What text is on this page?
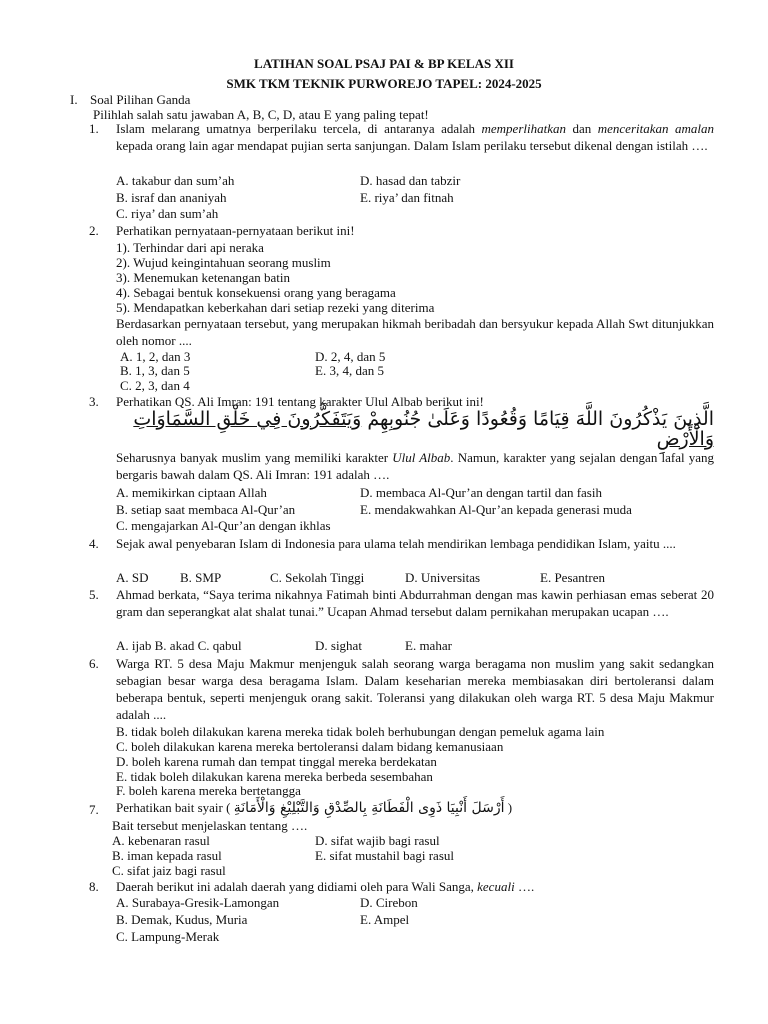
LATIHAN SOAL PSAJ PAI & BP KELAS XII
SMK TKM TEKNIK PURWOREJO TAPEL: 2024-2025
I. Soal Pilihan Ganda
Pilihlah salah satu jawaban A, B, C, D, atau E yang paling tepat!
1. Islam melarang umatnya berperilaku tercela, di antaranya adalah memperlihatkan dan menceritakan amalan kepada orang lain agar mendapat pujian serta sanjungan. Dalam Islam perilaku tersebut dikenal dengan istilah ….
A. takabur dan sum’ah	D. hasad dan tabzir
B. israf dan ananiyah	E. riya’ dan fitnah
C. riya’ dan sum’ah
2. Perhatikan pernyataan-pernyataan berikut ini!
1). Terhindar dari api neraka
2). Wujud keingintahuan seorang muslim
3). Menemukan ketenangan batin
4). Sebagai bentuk konsekuensi orang yang beragama
5). Mendapatkan keberkahan dari setiap rezeki yang diterima
Berdasarkan pernyataan tersebut, yang merupakan hikmah beribadah dan bersyukur kepada Allah Swt ditunjukkan oleh nomor ....
A. 1, 2, dan 3	D. 2, 4, dan 5
B. 1, 3, dan 5	E. 3, 4, dan 5
C. 2, 3, dan 4
3. Perhatikan QS. Ali Imran: 191 tentang karakter Ulul Albab berikut ini!
الَّذِينَ يَذْكُرُونَ اللَّهَ قِيَامًا وَقُعُودًا وَعَلَىٰ جُنُوبِهِمْ وَيَتَفَكَّرُونَ فِي خَلْقِ السَّمَاوَاتِ
وَالْأَرْضِ
Seharusnya banyak muslim yang memiliki karakter Ulul Albab. Namun, karakter yang sejalan dengan lafal yang bergaris bawah dalam QS. Ali Imran: 191 adalah ….
A. memikirkan ciptaan Allah	D. membaca Al-Qur’an dengan tartil dan fasih
B. setiap saat membaca Al-Qur’an	E. mendakwahkan Al-Qur’an kepada generasi muda
C. mengajarkan Al-Qur’an dengan ikhlas
4. Sejak awal penyebaran Islam di Indonesia para ulama telah mendirikan lembaga pendidikan Islam, yaitu ....
A. SD B. SMP	C. Sekolah Tinggi	D. Universitas	E. Pesantren
5. Ahmad berkata, “Saya terima nikahnya Fatimah binti Abdurrahman dengan mas kawin perhiasan emas seberat 20 gram dan seperangkat alat shalat tunai.” Ucapan Ahmad tersebut dalam pernikahan merupakan ucapan ….
A. ijab B. akad C. qabul	D. sighat	E. mahar
6. Warga RT. 5 desa Maju Makmur menjenguk salah seorang warga beragama non muslim yang sakit sedangkan sebagian besar warga desa beragama Islam. Dalam keseharian mereka membiasakan diri bertoleransi dalam beberapa bentuk, seperti menjenguk orang sakit. Toleransi yang dilakukan oleh warga RT. 5 desa Maju Makmur adalah ....
B. tidak boleh dilakukan karena mereka tidak boleh berhubungan dengan pemeluk agama lain
C. boleh dilakukan karena mereka bertoleransi dalam bidang kemanusiaan
D. boleh karena rumah dan tempat tinggal mereka berdekatan
E. tidak boleh dilakukan karena mereka berbeda sesembahan
F. boleh karena mereka bertetangga
7. Perhatikan bait syair ( أَرْسَلَ أَنْبِيَا ذَوِى الْفَطَانَةِ بِالصِّدْقِ وَالتَّبْلِيْغِ وَالْأَمَانَةِ )
Bait tersebut menjelaskan tentang ….
A. kebenaran rasul	D. sifat wajib bagi rasul
B. iman kepada rasul	E. sifat mustahil bagi rasul
C. sifat jaiz bagi rasul
8. Daerah berikut ini adalah daerah yang didiami oleh para Wali Sanga, kecuali ….
A. Surabaya-Gresik-Lamongan	D. Cirebon
B. Demak, Kudus, Muria	E. Ampel
C. Lampung-Merak
